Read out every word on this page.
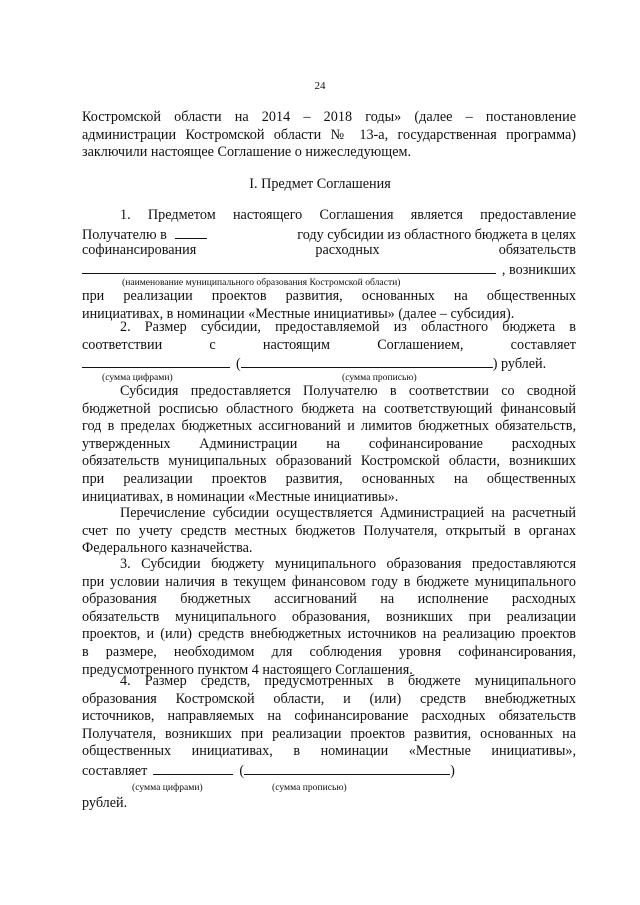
24
Костромской области на 2014 – 2018 годы» (далее – постановление
администрации Костромской области № 13-а, государственная программа)
заключили настоящее Соглашение о нижеследующем.
I. Предмет Соглашения
1. Предметом настоящего Соглашения является предоставление
Получателю в	году субсидии из областного бюджета в целях
софинансирования	расходных	обязательств
, возникших
(наименование муниципального образования Костромской области)
при реализации проектов развития, основанных на общественных
инициативах, в номинации «Местные инициативы» (далее – субсидия).
2. Размер субсидии, предоставляемой из областного бюджета в
соответствии	с	настоящим	Соглашением,	составляет
(	) рублей.
(сумма цифрами)	(сумма прописью)
Субсидия предоставляется Получателю в соответствии со сводной
бюджетной росписью областного бюджета на соответствующий финансовый
год в пределах бюджетных ассигнований и лимитов бюджетных обязательств,
утвержденных Администрации на софинансирование расходных
обязательств муниципальных образований Костромской области, возникших
при реализации проектов развития, основанных на общественных
инициативах, в номинации «Местные инициативы».
Перечисление субсидии осуществляется Администрацией на расчетный
счет по учету средств местных бюджетов Получателя, открытый в органах
Федерального казначейства.
3. Субсидии бюджету муниципального образования предоставляются
при условии наличия в текущем финансовом году в бюджете муниципального
образования бюджетных ассигнований на исполнение расходных
обязательств муниципального образования, возникших при реализации
проектов, и (или) средств внебюджетных источников на реализацию проектов
в размере, необходимом для соблюдения уровня софинансирования,
предусмотренного пунктом 4 настоящего Соглашения.
4. Размер средств, предусмотренных в бюджете муниципального
образования Костромской области, и (или) средств внебюджетных
источников, направляемых на софинансирование расходных обязательств
Получателя, возникших при реализации проектов развития, основанных на
общественных инициативах, в номинации «Местные инициативы»,
составляет	(	)
(сумма цифрами)	(сумма прописью)
рублей.
